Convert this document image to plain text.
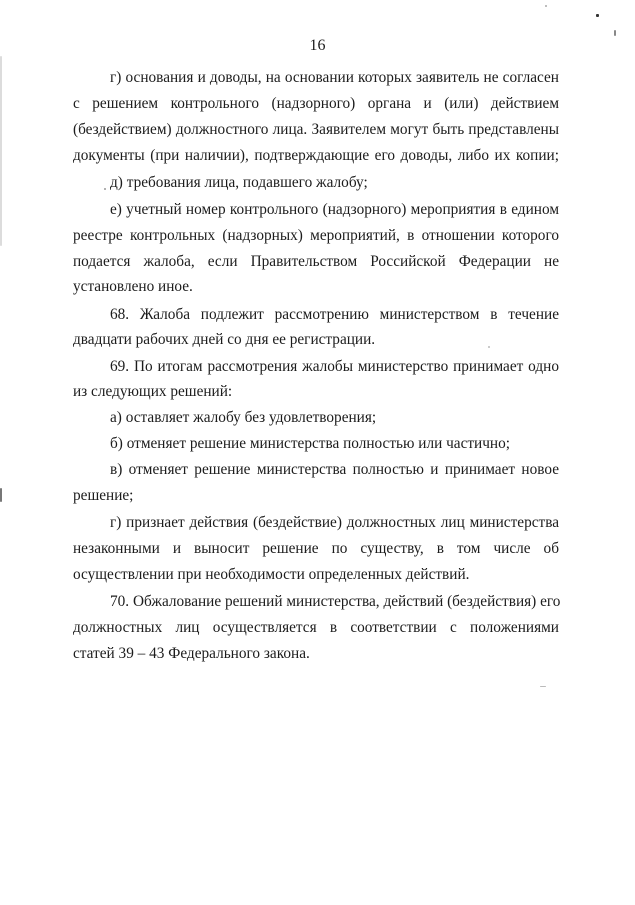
16
г) основания и доводы, на основании которых заявитель не согласен
с решением контрольного (надзорного) органа и (или) действием
(бездействием) должностного лица. Заявителем могут быть представлены
документы (при наличии), подтверждающие его доводы, либо их копии;
д) требования лица, подавшего жалобу;
е) учетный номер контрольного (надзорного) мероприятия в едином
реестре контрольных (надзорных) мероприятий, в отношении которого
подается жалоба, если Правительством Российской Федерации не
установлено иное.
68. Жалоба подлежит рассмотрению министерством в течение
двадцати рабочих дней со дня ее регистрации.
69. По итогам рассмотрения жалобы министерство принимает одно
из следующих решений:
а) оставляет жалобу без удовлетворения;
б) отменяет решение министерства полностью или частично;
в) отменяет решение министерства полностью и принимает новое
решение;
г) признает действия (бездействие) должностных лиц министерства
незаконными и выносит решение по существу, в том числе об
осуществлении при необходимости определенных действий.
70. Обжалование решений министерства, действий (бездействия) его
должностных лиц осуществляется в соответствии с положениями
статей 39 – 43 Федерального закона.
